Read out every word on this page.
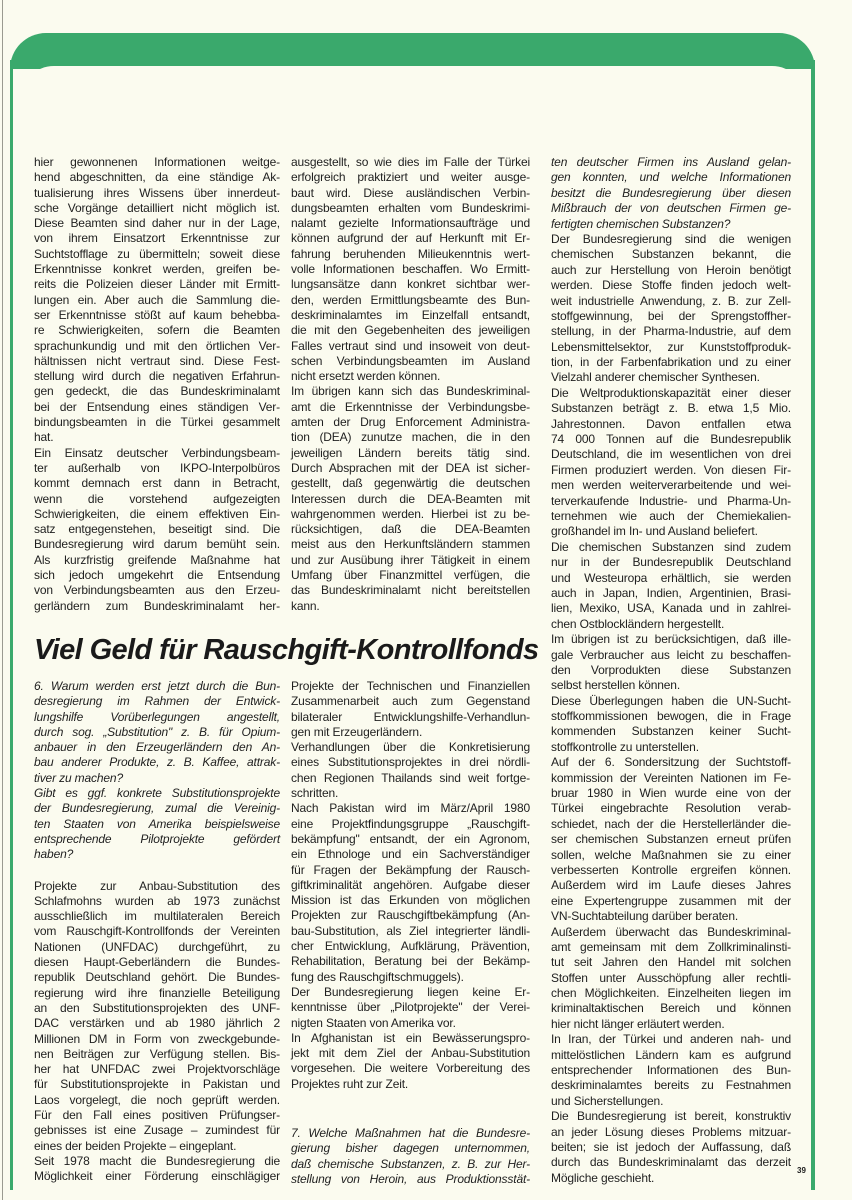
hier gewonnenen Informationen weitge-
hend abgeschnitten, da eine ständige Ak-
tualisierung ihres Wissens über innerdeut-
sche Vorgänge detailliert nicht möglich ist.
Diese Beamten sind daher nur in der Lage,
von ihrem Einsatzort Erkenntnisse zur
Suchtstofflage zu übermitteln; soweit diese
Erkenntnisse konkret werden, greifen be-
reits die Polizeien dieser Länder mit Ermitt-
lungen ein. Aber auch die Sammlung die-
ser Erkenntnisse stößt auf kaum behebba-
re Schwierigkeiten, sofern die Beamten
sprachunkundig und mit den örtlichen Ver-
hältnissen nicht vertraut sind. Diese Fest-
stellung wird durch die negativen Erfahrun-
gen gedeckt, die das Bundeskriminalamt
bei der Entsendung eines ständigen Ver-
bindungsbeamten in die Türkei gesammelt
hat.
Ein Einsatz deutscher Verbindungsbeam-
ter außerhalb von IKPO-Interpolbüros
kommt demnach erst dann in Betracht,
wenn die vorstehend aufgezeigten
Schwierigkeiten, die einem effektiven Ein-
satz entgegenstehen, beseitigt sind. Die
Bundesregierung wird darum bemüht sein.
Als kurzfristig greifende Maßnahme hat
sich jedoch umgekehrt die Entsendung
von Verbindungsbeamten aus den Erzeu-
gerländern zum Bundeskriminalamt her-
ausgestellt, so wie dies im Falle der Türkei
erfolgreich praktiziert und weiter ausge-
baut wird. Diese ausländischen Verbin-
dungsbeamten erhalten vom Bundeskrimi-
nalamt gezielte Informationsaufträge und
können aufgrund der auf Herkunft mit Er-
fahrung beruhenden Milieukenntnis wert-
volle Informationen beschaffen. Wo Ermitt-
lungsansätze dann konkret sichtbar wer-
den, werden Ermittlungsbeamte des Bun-
deskriminalamtes im Einzelfall entsandt,
die mit den Gegebenheiten des jeweiligen
Falles vertraut sind und insoweit von deut-
schen Verbindungsbeamten im Ausland
nicht ersetzt werden können.
Im übrigen kann sich das Bundeskriminal-
amt die Erkenntnisse der Verbindungsbe-
amten der Drug Enforcement Administra-
tion (DEA) zunutze machen, die in den
jeweiligen Ländern bereits tätig sind.
Durch Absprachen mit der DEA ist sicher-
gestellt, daß gegenwärtig die deutschen
Interessen durch die DEA-Beamten mit
wahrgenommen werden. Hierbei ist zu be-
rücksichtigen, daß die DEA-Beamten
meist aus den Herkunftsländern stammen
und zur Ausübung ihrer Tätigkeit in einem
Umfang über Finanzmittel verfügen, die
das Bundeskriminalamt nicht bereitstellen
kann.
ten deutscher Firmen ins Ausland gelan-
gen konnten, und welche Informationen
besitzt die Bundesregierung über diesen
Mißbrauch der von deutschen Firmen ge-
fertigten chemischen Substanzen?
Der Bundesregierung sind die wenigen
chemischen Substanzen bekannt, die
auch zur Herstellung von Heroin benötigt
werden. Diese Stoffe finden jedoch welt-
weit industrielle Anwendung, z. B. zur Zell-
stoffgewinnung, bei der Sprengstoffher-
stellung, in der Pharma-Industrie, auf dem
Lebensmittelsektor, zur Kunststoffproduk-
tion, in der Farbenfabrikation und zu einer
Vielzahl anderer chemischer Synthesen.
Die Weltproduktionskapazität einer dieser
Substanzen beträgt z. B. etwa 1,5 Mio.
Jahrestonnen. Davon entfallen etwa
74 000 Tonnen auf die Bundesrepublik
Deutschland, die im wesentlichen von drei
Firmen produziert werden. Von diesen Fir-
men werden weiterverarbeitende und wei-
terverkaufende Industrie- und Pharma-Un-
ternehmen wie auch der Chemiekalien-
großhandel im In- und Ausland beliefert.
Die chemischen Substanzen sind zudem
nur in der Bundesrepublik Deutschland
und Westeuropa erhältlich, sie werden
auch in Japan, Indien, Argentinien, Brasi-
lien, Mexiko, USA, Kanada und in zahlrei-
chen Ostblockländern hergestellt.
Im übrigen ist zu berücksichtigen, daß ille-
gale Verbraucher aus leicht zu beschaffen-
den Vorprodukten diese Substanzen
selbst herstellen können.
Diese Überlegungen haben die UN-Sucht-
stoffkommissionen bewogen, die in Frage
kommenden Substanzen keiner Sucht-
stoffkontrolle zu unterstellen.
Auf der 6. Sondersitzung der Suchtstoff-
kommission der Vereinten Nationen im Fe-
bruar 1980 in Wien wurde eine von der
Türkei eingebrachte Resolution verab-
schiedet, nach der die Herstellerländer die-
ser chemischen Substanzen erneut prüfen
sollen, welche Maßnahmen sie zu einer
verbesserten Kontrolle ergreifen können.
Außerdem wird im Laufe dieses Jahres
eine Expertengruppe zusammen mit der
VN-Suchtabteilung darüber beraten.
Außerdem überwacht das Bundeskriminal-
amt gemeinsam mit dem Zollkriminalinsti-
tut seit Jahren den Handel mit solchen
Stoffen unter Ausschöpfung aller rechtli-
chen Möglichkeiten. Einzelheiten liegen im
kriminaltaktischen Bereich und können
hier nicht länger erläutert werden.
In Iran, der Türkei und anderen nah- und
mittelöstlichen Ländern kam es aufgrund
entsprechender Informationen des Bun-
deskriminalamtes bereits zu Festnahmen
und Sicherstellungen.
Die Bundesregierung ist bereit, konstruktiv
an jeder Lösung dieses Problems mitzuar-
beiten; sie ist jedoch der Auffassung, daß
durch das Bundeskriminalamt das derzeit
Mögliche geschieht.
Viel Geld für Rauschgift-Kontrollfonds
6. Warum werden erst jetzt durch die Bun-
desregierung im Rahmen der Entwick-
lungshilfe Vorüberlegungen angestellt,
durch sog. „Substitution" z. B. für Opium-
anbauer in den Erzeugerländern den An-
bau anderer Produkte, z. B. Kaffee, attrak-
tiver zu machen?
Gibt es ggf. konkrete Substitutionsprojekte
der Bundesregierung, zumal die Vereinig-
ten Staaten von Amerika beispielsweise
entsprechende Pilotprojekte gefördert
haben?
Projekte zur Anbau-Substitution des
Schlafmohns wurden ab 1973 zunächst
ausschließlich im multilateralen Bereich
vom Rauschgift-Kontrollfonds der Vereinten
Nationen (UNFDAC) durchgeführt, zu
diesen Haupt-Geberländern die Bundes-
republik Deutschland gehört. Die Bundes-
regierung wird ihre finanzielle Beteiligung
an den Substitutionsprojekten des UNF-
DAC verstärken und ab 1980 jährlich 2
Millionen DM in Form von zweckgebunde-
nen Beiträgen zur Verfügung stellen. Bis-
her hat UNFDAC zwei Projektvorschläge
für Substitutionsprojekte in Pakistan und
Laos vorgelegt, die noch geprüft werden.
Für den Fall eines positiven Prüfungser-
gebnisses ist eine Zusage – zumindest für
eines der beiden Projekte – eingeplant.
Seit 1978 macht die Bundesregierung die
Möglichkeit einer Förderung einschlägiger
Projekte der Technischen und Finanziellen
Zusammenarbeit auch zum Gegenstand
bilateraler Entwicklungshilfe-Verhandlun-
gen mit Erzeugerländern.
Verhandlungen über die Konkretisierung
eines Substitutionsprojektes in drei nördli-
chen Regionen Thailands sind weit fortge-
schritten.
Nach Pakistan wird im März/April 1980
eine Projektfindungsgruppe „Rauschgift-
bekämpfung" entsandt, der ein Agronom,
ein Ethnologe und ein Sachverständiger
für Fragen der Bekämpfung der Rausch-
giftkriminalität angehören. Aufgabe dieser
Mission ist das Erkunden von möglichen
Projekten zur Rauschgiftbekämpfung (An-
bau-Substitution, als Ziel integrierter ländli-
cher Entwicklung, Aufklärung, Prävention,
Rehabilitation, Beratung bei der Bekämp-
fung des Rauschgiftschmuggels).
Der Bundesregierung liegen keine Er-
kenntnisse über „Pilotprojekte" der Verei-
nigten Staaten von Amerika vor.
In Afghanistan ist ein Bewässerungspro-
jekt mit dem Ziel der Anbau-Substitution
vorgesehen. Die weitere Vorbereitung des
Projektes ruht zur Zeit.
7. Welche Maßnahmen hat die Bundesre-
gierung bisher dagegen unternommen,
daß chemische Substanzen, z. B. zur Her-
stellung von Heroin, aus Produktionsstät-
39
